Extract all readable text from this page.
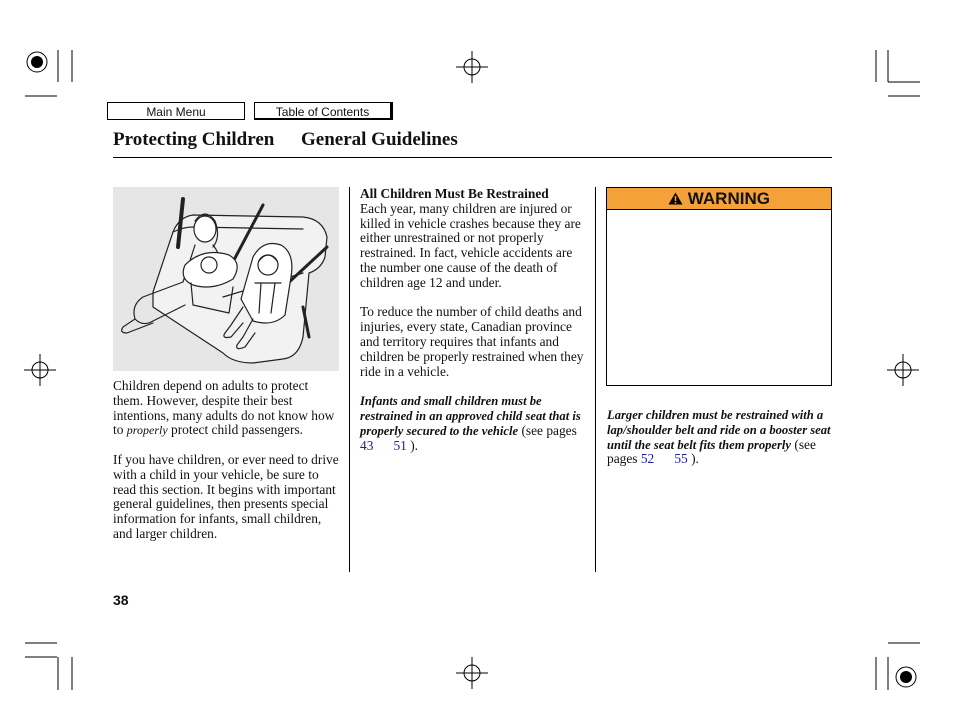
Main Menu	Table of Contents
Protecting Children General Guidelines

Children depend on adults to protect them. However, despite their best intentions, many adults do not know how to properly protect child passengers.

If you have children, or ever need to drive with a child in your vehicle, be sure to read this section. It begins with important general guidelines, then presents special information for infants, small children, and larger children.

All Children Must Be Restrained

Each year, many children are injured or killed in vehicle crashes because they are either unrestrained or not properly restrained. In fact, vehicle accidents are the number one cause of the death of children age 12 and under.

To reduce the number of child deaths and injuries, every state, Canadian province and territory requires that infants and children be properly restrained when they ride in a vehicle.

Infants and small children must be restrained in an approved child seat that is properly secured to the vehicle (see pages 43 51 ).

WARNING

Larger children must be restrained with a lap/shoulder belt and ride on a booster seat until the seat belt fits them properly (see pages 52 55 ).

38
